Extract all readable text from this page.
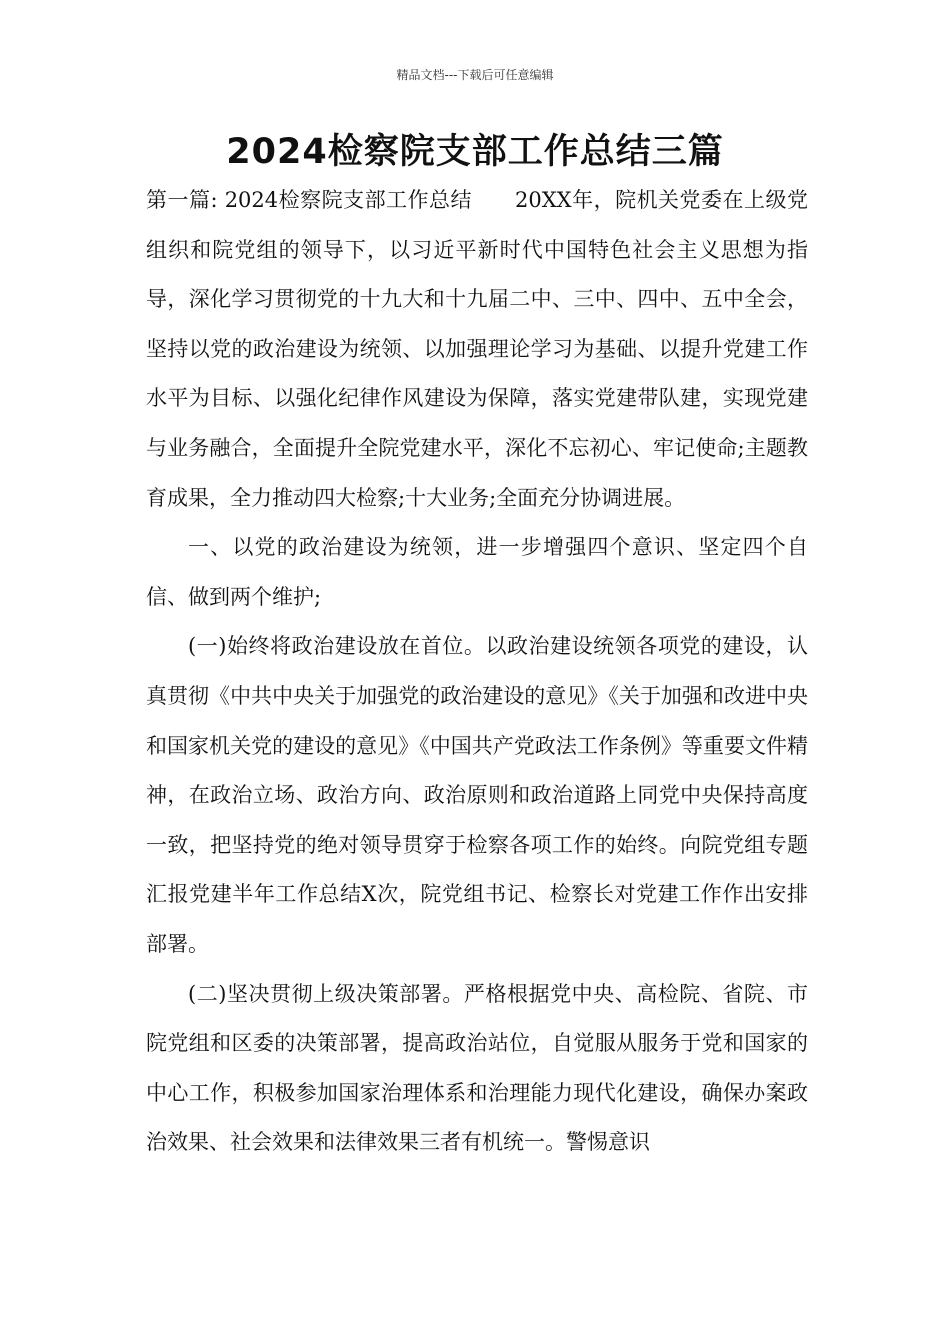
精品文档---下载后可任意编辑
2024检察院支部工作总结三篇

第一篇: 2024检察院支部工作总结　　20XX年，院机关党委在上级党组织和院党组的领导下，以习近平新时代中国特色社会主义思想为指导，深化学习贯彻党的十九大和十九届二中、三中、四中、五中全会，坚持以党的政治建设为统领、以加强理论学习为基础、以提升党建工作水平为目标、以强化纪律作风建设为保障，落实党建带队建，实现党建与业务融合，全面提升全院党建水平，深化不忘初心、牢记使命;主题教育成果，全力推动四大检察;十大业务;全面充分协调进展。

一、以党的政治建设为统领，进一步增强四个意识、坚定四个自信、做到两个维护;

(一)始终将政治建设放在首位。以政治建设统领各项党的建设，认真贯彻《中共中央关于加强党的政治建设的意见》《关于加强和改进中央和国家机关党的建设的意见》《中国共产党政法工作条例》等重要文件精神，在政治立场、政治方向、政治原则和政治道路上同党中央保持高度一致，把坚持党的绝对领导贯穿于检察各项工作的始终。向院党组专题汇报党建半年工作总结X次，院党组书记、检察长对党建工作作出安排部署。

(二)坚决贯彻上级决策部署。严格根据党中央、高检院、省院、市院党组和区委的决策部署，提高政治站位，自觉服从服务于党和国家的中心工作，积极参加国家治理体系和治理能力现代化建设，确保办案政治效果、社会效果和法律效果三者有机统一。警惕意识
